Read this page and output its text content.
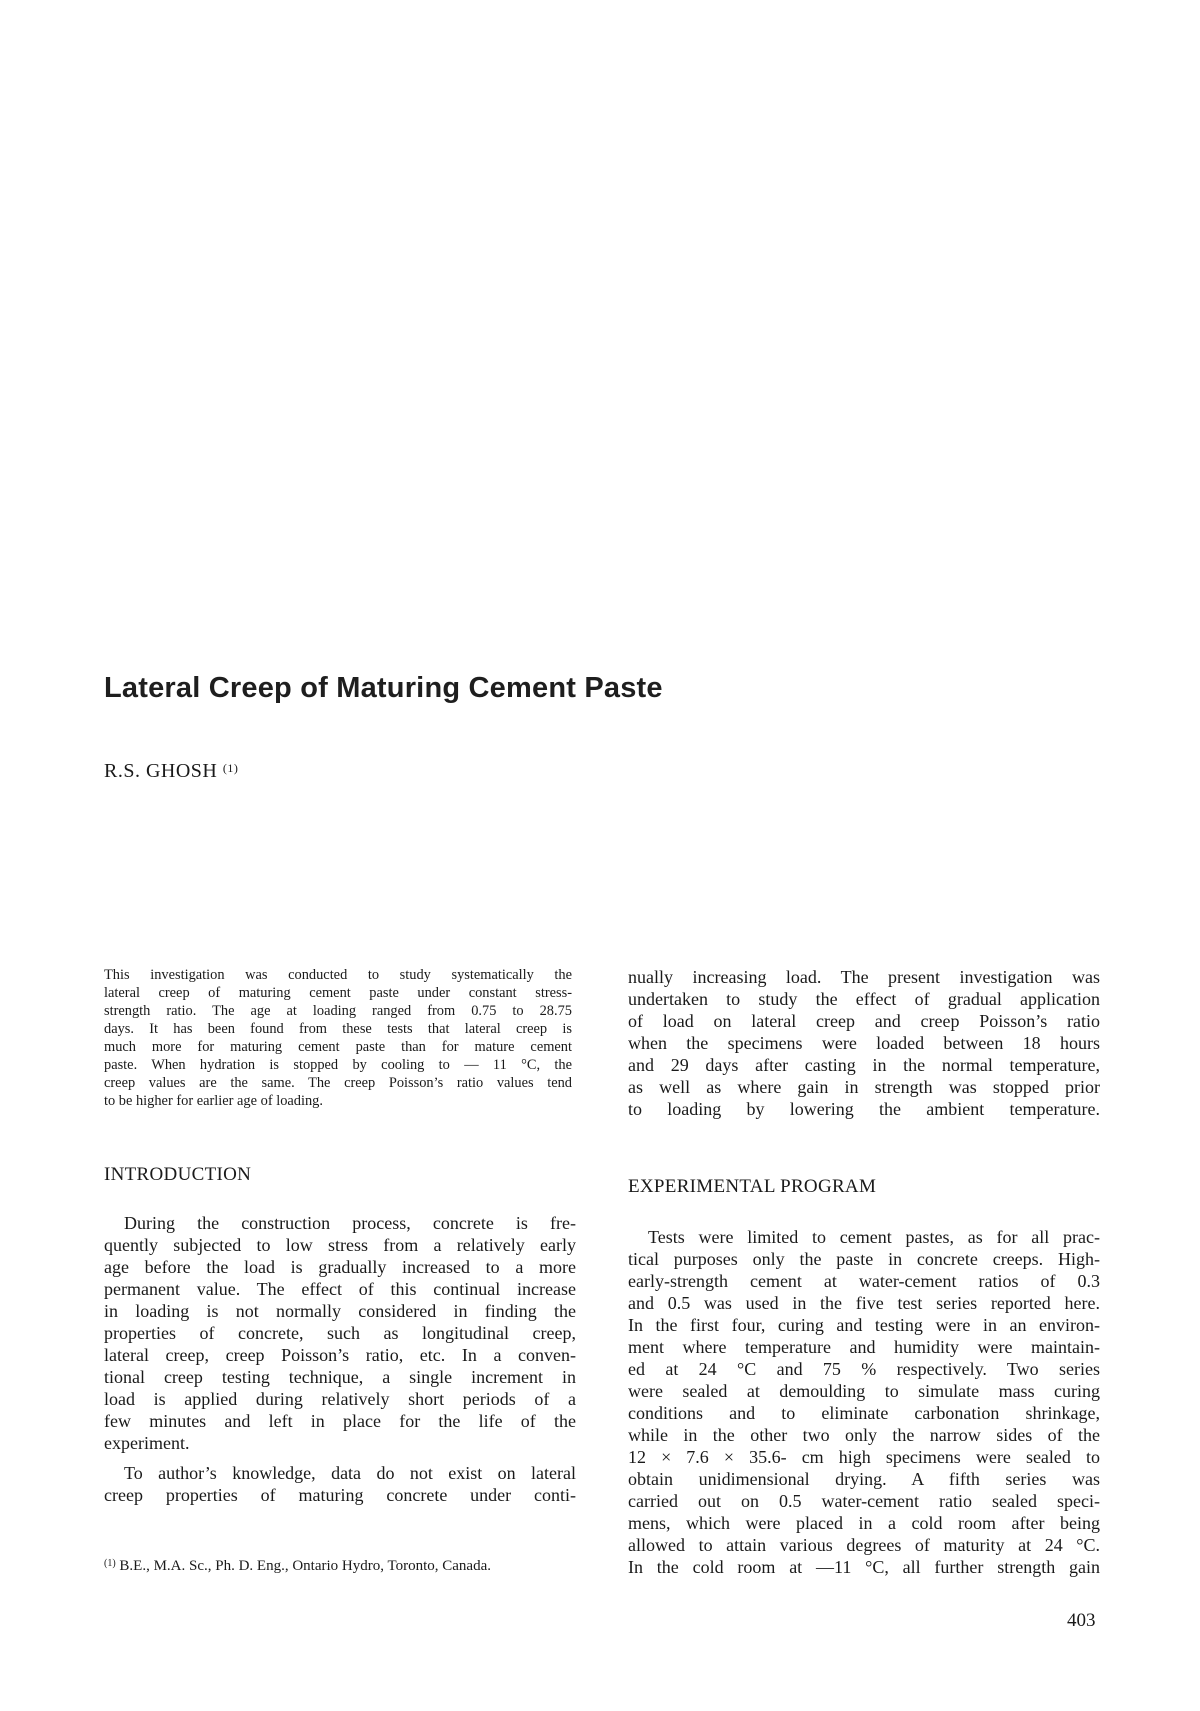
Lateral Creep of Maturing Cement Paste
R.S. GHOSH $^{(1)}$

This investigation was conducted to study systematically the
lateral creep of maturing cement paste under constant stress-
strength ratio. The age at loading ranged from 0.75 to 28.75
days. It has been found from these tests that lateral creep is
much more for maturing cement paste than for mature cement
paste. When hydration is stopped by cooling to — 11 °C, the
creep values are the same. The creep Poisson’s ratio values tend
to be higher for earlier age of loading.

INTRODUCTION

During the construction process, concrete is fre-
quently subjected to low stress from a relatively early
age before the load is gradually increased to a more
permanent value. The effect of this continual increase
in loading is not normally considered in finding the
properties of concrete, such as longitudinal creep,
lateral creep, creep Poisson’s ratio, etc. In a conven-
tional creep testing technique, a single increment in
load is applied during relatively short periods of a
few minutes and left in place for the life of the
experiment.

To author’s knowledge, data do not exist on lateral
creep properties of maturing concrete under conti-

$^{(1)}$ B.E., M.A. Sc., Ph. D. Eng., Ontario Hydro, Toronto, Canada.

nually increasing load. The present investigation was
undertaken to study the effect of gradual application
of load on lateral creep and creep Poisson’s ratio
when the specimens were loaded between 18 hours
and 29 days after casting in the normal temperature,
as well as where gain in strength was stopped prior
to loading by lowering the ambient temperature.

EXPERIMENTAL PROGRAM

Tests were limited to cement pastes, as for all prac-
tical purposes only the paste in concrete creeps. High-
early-strength cement at water-cement ratios of 0.3
and 0.5 was used in the five test series reported here.
In the first four, curing and testing were in an environ-
ment where temperature and humidity were maintain-
ed at 24 °C and 75 % respectively. Two series
were sealed at demoulding to simulate mass curing
conditions and to eliminate carbonation shrinkage,
while in the other two only the narrow sides of the
12 × 7.6 × 35.6- cm high specimens were sealed to
obtain unidimensional drying. A fifth series was
carried out on 0.5 water-cement ratio sealed speci-
mens, which were placed in a cold room after being
allowed to attain various degrees of maturity at 24 °C.
In the cold room at —11 °C, all further strength gain

403
